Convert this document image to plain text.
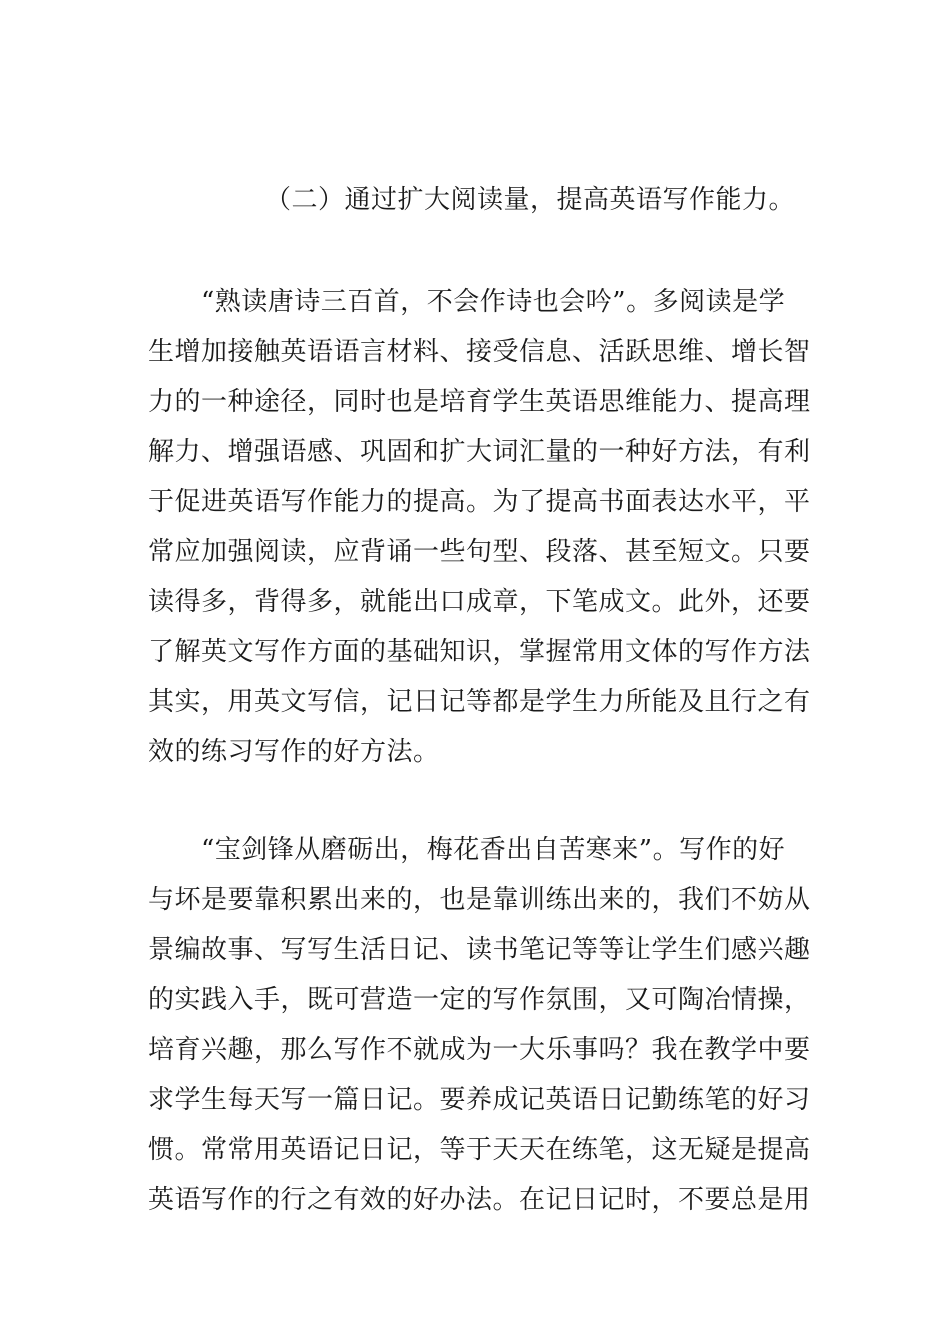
（二）通过扩大阅读量，提高英语写作能力。
　　“熟读唐诗三百首，不会作诗也会吟”。多阅读是学
生增加接触英语语言材料、接受信息、活跃思维、增长智
力的一种途径，同时也是培育学生英语思维能力、提高理
解力、增强语感、巩固和扩大词汇量的一种好方法，有利
于促进英语写作能力的提高。为了提高书面表达水平，平
常应加强阅读，应背诵一些句型、段落、甚至短文。只要
读得多，背得多，就能出口成章，下笔成文。此外，还要
了解英文写作方面的基础知识，掌握常用文体的写作方法
其实，用英文写信，记日记等都是学生力所能及且行之有
效的练习写作的好方法。
　　“宝剑锋从磨砺出，梅花香出自苦寒来”。写作的好
与坏是要靠积累出来的，也是靠训练出来的，我们不妨从
景编故事、写写生活日记、读书笔记等等让学生们感兴趣
的实践入手，既可营造一定的写作氛围，又可陶冶情操，
培育兴趣，那么写作不就成为一大乐事吗？我在教学中要
求学生每天写一篇日记。要养成记英语日记勤练笔的好习
惯。常常用英语记日记，等于天天在练笔，这无疑是提高
英语写作的行之有效的好办法。在记日记时，不要总是用
